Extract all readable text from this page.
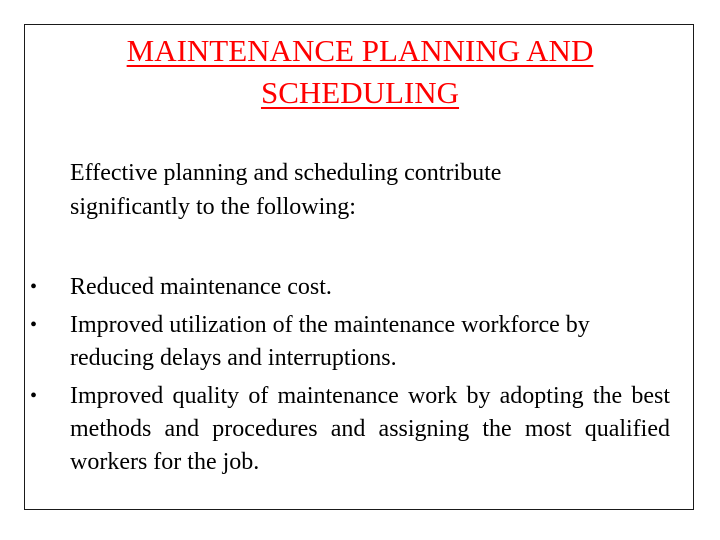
MAINTENANCE PLANNING AND
SCHEDULING
Effective planning and scheduling contribute
significantly to the following:
•	Reduced maintenance cost.
•	Improved utilization of the maintenance workforce by reducing delays and interruptions.
•	Improved quality of maintenance work by adopting the best methods and procedures and assigning the most qualified workers for the job.
